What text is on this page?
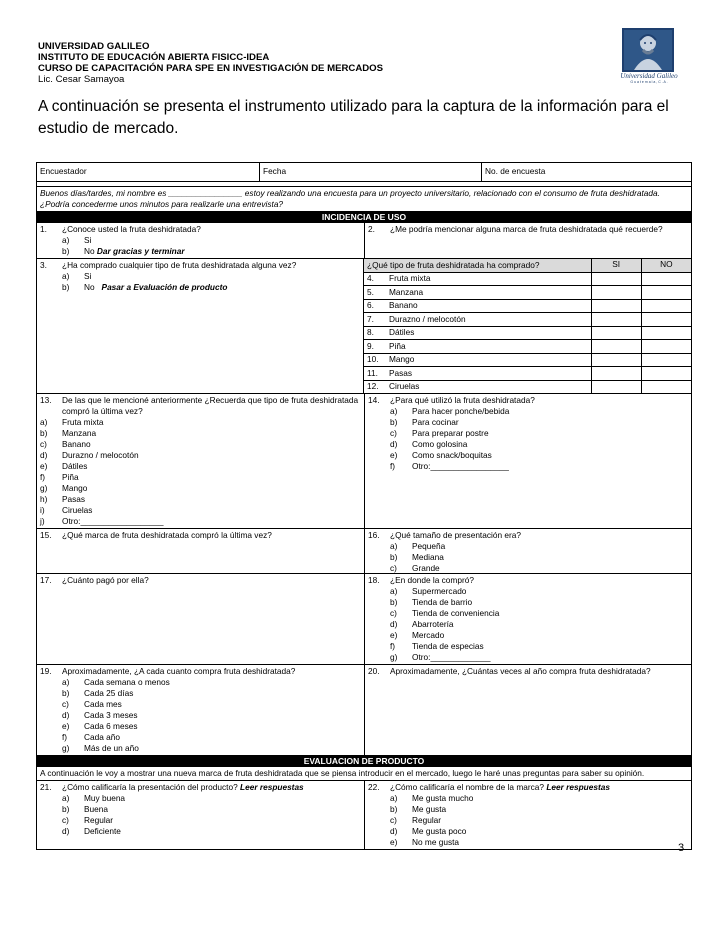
UNIVERSIDAD GALILEO
INSTITUTO DE EDUCACIÓN ABIERTA FISICC-IDEA
CURSO DE CAPACITACIÓN PARA SPE EN INVESTIGACIÓN DE MERCADOS
Lic. Cesar Samayoa	Universidad Galileo
G u a t e m a l a , C . A .
A continuación se presenta el instrumento utilizado para la captura de la información para el estudio de mercado.
Encuestador	Fecha	No. de encuesta
Buenos días/tardes, mi nombre es ________________ estoy realizando una encuesta para un proyecto universitario, relacionado con el consumo de fruta deshidratada. ¿Podría concederme unos minutos para realizarle una entrevista?
INCIDENCIA DE USO
1.	¿Conoce usted la fruta deshidratada?
a)	Si
b)	No
Dar gracias y terminar
2.	¿Me podría mencionar alguna marca de fruta deshidratada qué recuerde?
3.	¿Ha comprado cualquier tipo de fruta deshidratada alguna vez?
a)	Si
b)	No
Pasar a Evaluación de producto
¿Qué tipo de fruta deshidratada ha comprado?	SI	NO
4.	Fruta mixta
5.	Manzana
6.	Banano
7.	Durazno / melocotón
8.	Dátiles
9.	Piña
10.	Mango
11.	Pasas
12.	Ciruelas
13.	De las que le mencioné anteriormente ¿Recuerda que tipo de fruta deshidratada compró la última vez?
a)	Fruta mixta
b)	Manzana
c)	Banano
d)	Durazno / melocotón
e)	Dátiles
f)	Piña
g)	Mango
h)	Pasas
i)	Ciruelas
j)	Otro:__________________
14.	¿Para qué utilizó la fruta deshidratada?
a)	Para hacer ponche/bebida
b)	Para cocinar
c)	Para preparar postre
d)	Como golosina
e)	Como snack/boquitas
f)	Otro:_________________
15.	¿Qué marca de fruta deshidratada compró la última vez?	16.	¿Qué tamaño de presentación era?
a)	Pequeña
b)	Mediana
c)	Grande
17.	¿Cuánto pagó por ella?	18.	¿En donde la compró?
a)	Supermercado
b)	Tienda de barrio
c)	Tienda de conveniencia
d)	Abarrotería
e)	Mercado
f)	Tienda de especias
g)	Otro:_____________
19.	Aproximadamente, ¿A cada cuanto compra fruta deshidratada?
a)	Cada semana o menos
b)	Cada 25 días
c)	Cada mes
d)	Cada 3 meses
e)	Cada 6 meses
f)	Cada año
g)	Más de un año
20.	Aproximadamente, ¿Cuántas veces al año compra fruta deshidratada?
EVALUACION DE PRODUCTO
A continuación le voy a mostrar una nueva marca de fruta deshidratada que se piensa introducir en el mercado, luego le haré unas preguntas para saber su opinión.
21.	¿Cómo calificaría la presentación del producto? Leer respuestas
a)	Muy buena
b)	Buena
c)	Regular
d)	Deficiente
22.	¿Cómo calificaría el nombre de la marca? Leer respuestas
a)	Me gusta mucho
b)	Me gusta
c)	Regular
d)	Me gusta poco
e)	No me gusta	3
